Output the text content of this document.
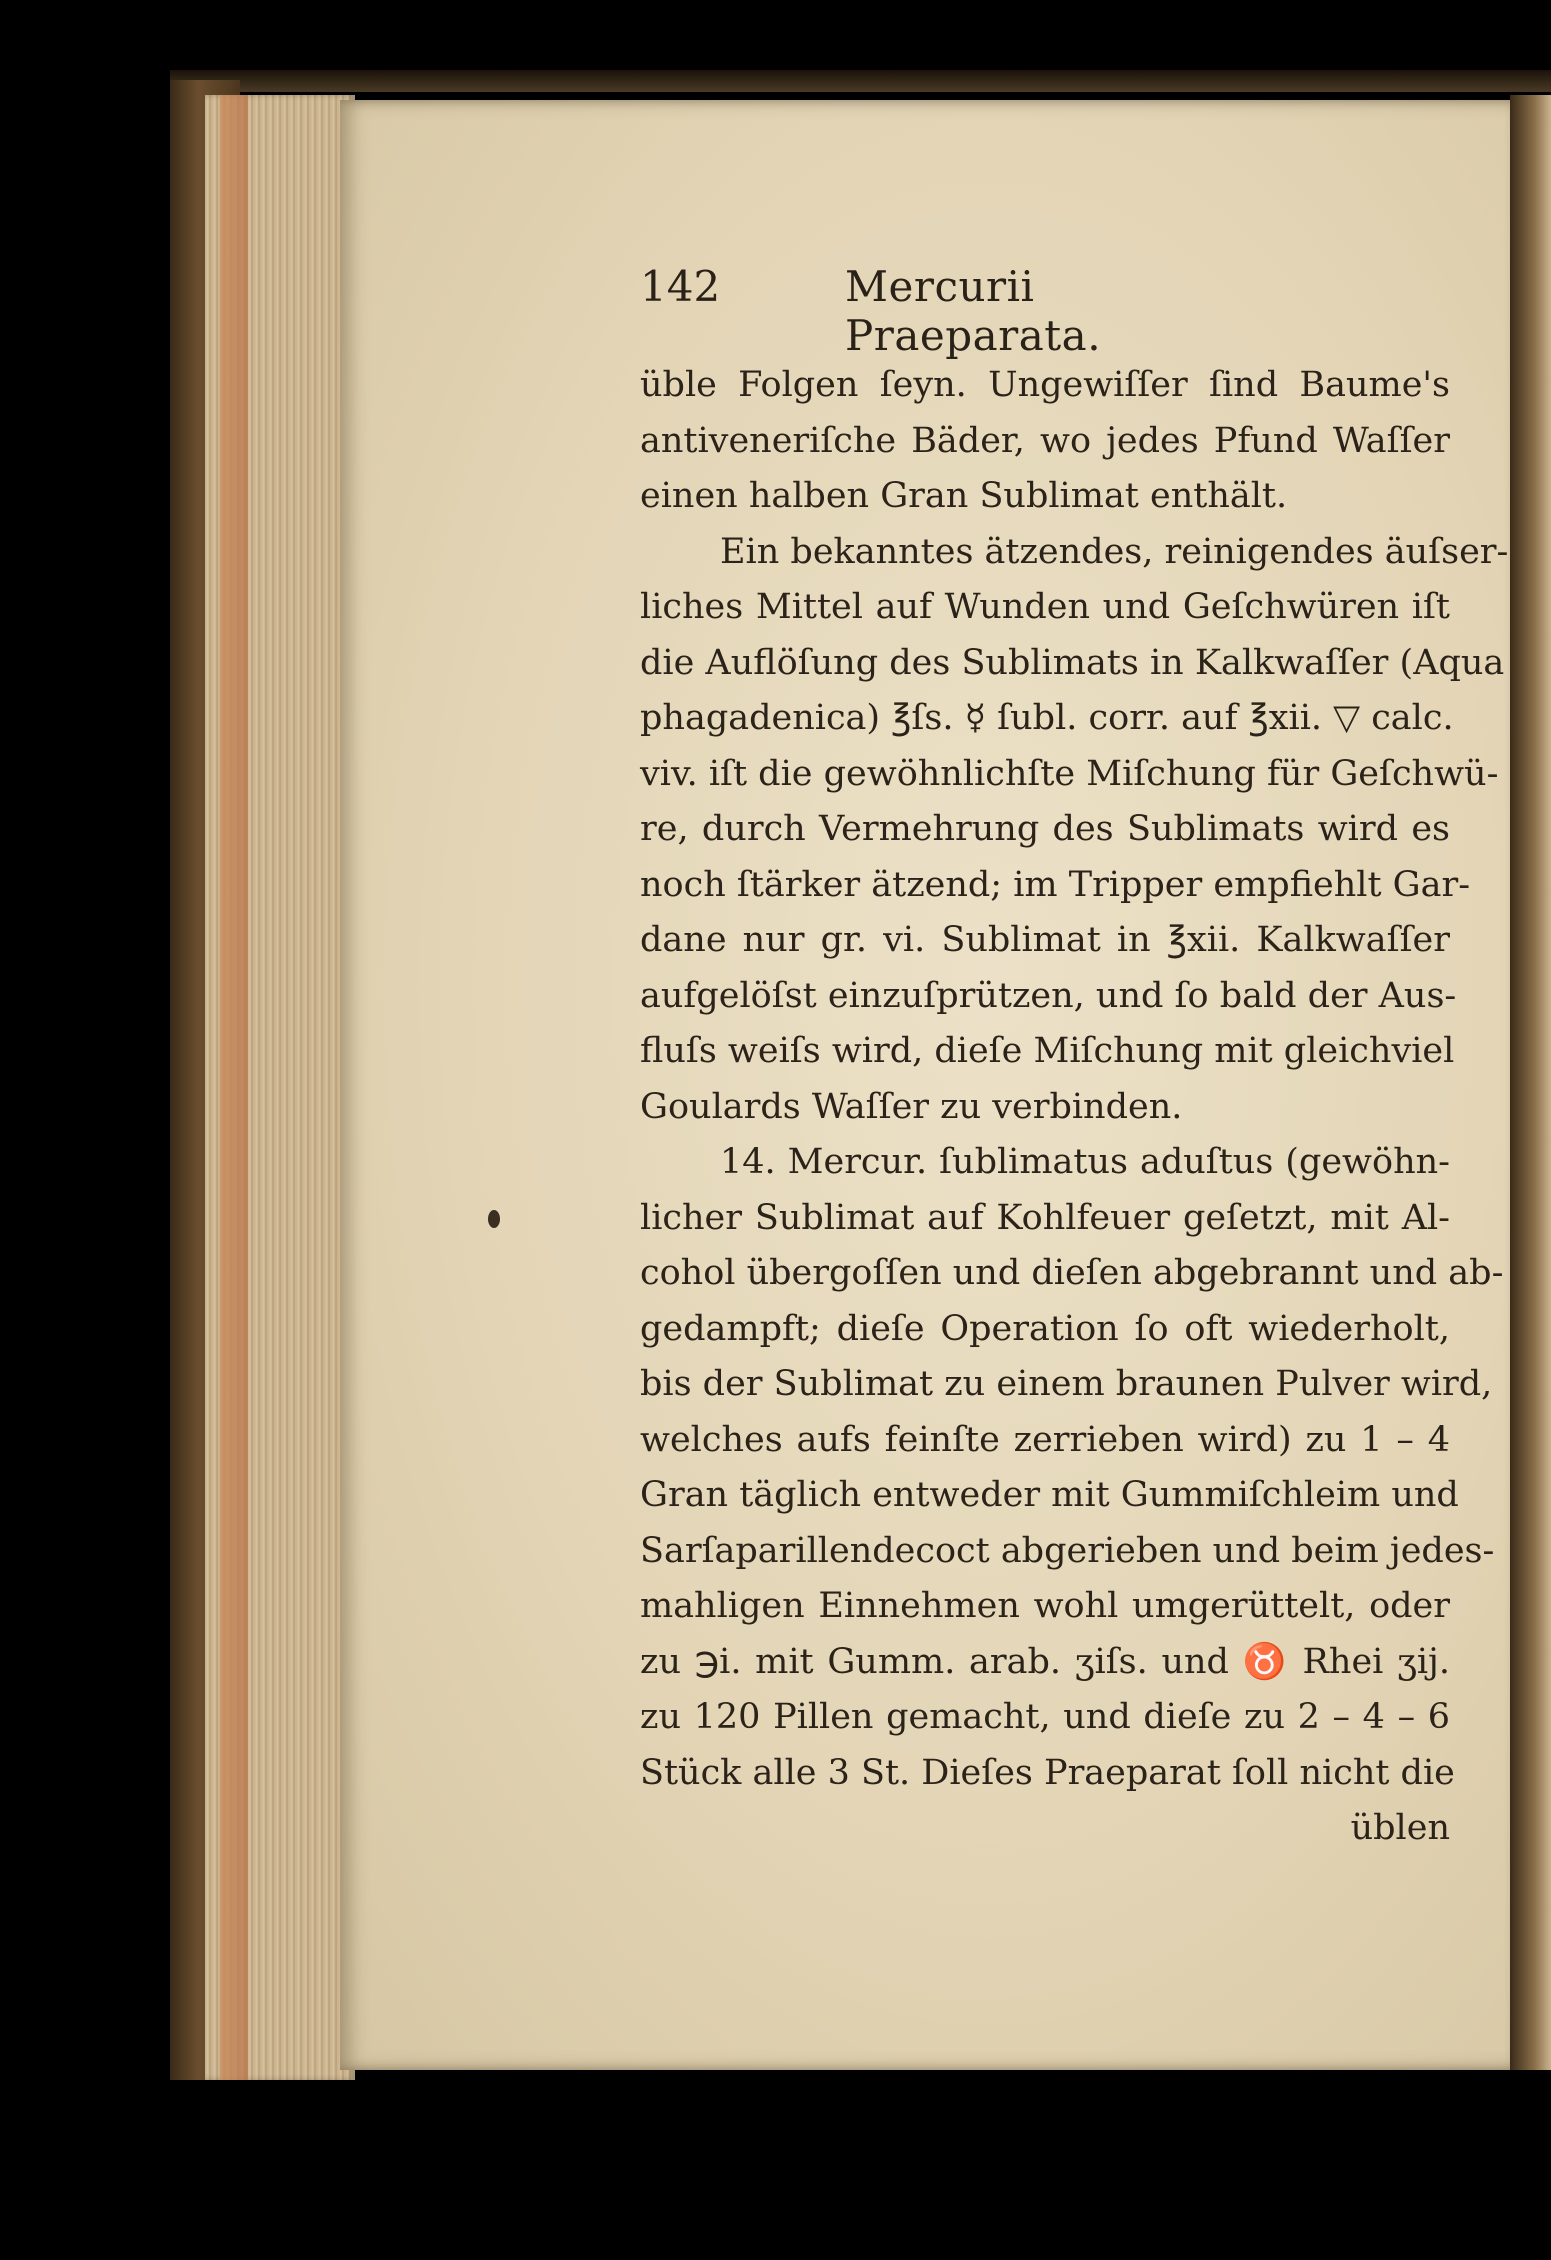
142	Mercurii Praeparata.
üble Folgen ſeyn. Ungewiſſer ſind Baume's
antiveneriſche Bäder, wo jedes Pfund Waſſer
einen halben Gran Sublimat enthält.
Ein bekanntes ätzendes, reinigendes äuſser-
liches Mittel auf Wunden und Geſchwüren iſt
die Auflöſung des Sublimats in Kalkwaſſer (Aqua
phagadenica) ℥ſs. ☿ ſubl. corr. auf ℥xii. ▽ calc.
viv. iſt die gewöhnlichſte Miſchung für Geſchwü-
re, durch Vermehrung des Sublimats wird es
noch ſtärker ätzend; im Tripper empfiehlt Gar-
dane nur gr. vi. Sublimat in ℥xii. Kalkwaſſer
aufgelöſst einzuſprützen, und ſo bald der Aus-
fluſs weiſs wird, dieſe Miſchung mit gleichviel
Goulards Waſſer zu verbinden.
14. Mercur. ſublimatus aduſtus (gewöhn-
licher Sublimat auf Kohlfeuer geſetzt, mit Al-
cohol übergoſſen und dieſen abgebrannt und ab-
gedampft; dieſe Operation ſo oft wiederholt,
bis der Sublimat zu einem braunen Pulver wird,
welches aufs feinſte zerrieben wird) zu 1 – 4
Gran täglich entweder mit Gummiſchleim und
Sarſaparillendecoct abgerieben und beim jedes-
mahligen Einnehmen wohl umgerüttelt, oder
zu ℈i. mit Gumm. arab. ʒiſs. und ♉ Rhei ʒij.
zu 120 Pillen gemacht, und dieſe zu 2 – 4 – 6
Stück alle 3 St. Dieſes Praeparat ſoll nicht die
üblen
